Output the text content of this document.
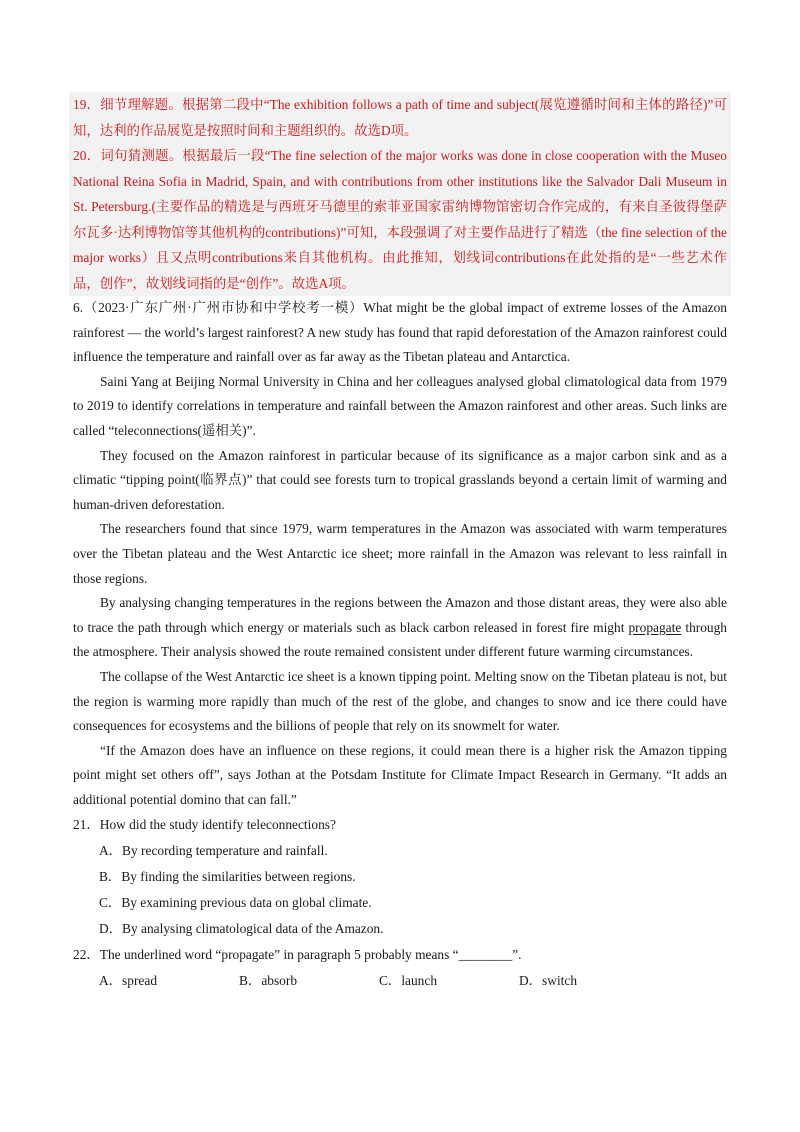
19．细节理解题。根据第二段中“The exhibition follows a path of time and subject(展览遵循时间和主体的路径)”可知，达利的作品展览是按照时间和主题组织的。故选D项。

20．词句猜测题。根据最后一段“The fine selection of the major works was done in close cooperation with the Museo National Reina Sofia in Madrid, Spain, and with contributions from other institutions like the Salvador Dali Museum in St. Petersburg.(主要作品的精选是与西班牙马德里的索菲亚国家雷纳博物馆密切合作完成的，有来自圣彼得堡萨尔瓦多·达利博物馆等其他机构的contributions)”可知，本段强调了对主要作品进行了精选（the fine selection of the major works）且又点明contributions来自其他机构。由此推知，划线词contributions在此处指的是“一些艺术作品，创作”，故划线词指的是“创作”。故选A项。

6.（2023·广东广州·广州市协和中学校考一模）What might be the global impact of extreme losses of the Amazon rainforest — the world’s largest rainforest? A new study has found that rapid deforestation of the Amazon rainforest could influence the temperature and rainfall over as far away as the Tibetan plateau and Antarctica.

Saini Yang at Beijing Normal University in China and her colleagues analysed global climatological data from 1979 to 2019 to identify correlations in temperature and rainfall between the Amazon rainforest and other areas. Such links are called “teleconnections(遥相关)”.

They focused on the Amazon rainforest in particular because of its significance as a major carbon sink and as a climatic “tipping point(临界点)” that could see forests turn to tropical grasslands beyond a certain limit of warming and human-driven deforestation.

The researchers found that since 1979, warm temperatures in the Amazon was associated with warm temperatures over the Tibetan plateau and the West Antarctic ice sheet; more rainfall in the Amazon was relevant to less rainfall in those regions.

By analysing changing temperatures in the regions between the Amazon and those distant areas, they were also able to trace the path through which energy or materials such as black carbon released in forest fire might propagate through the atmosphere. Their analysis showed the route remained consistent under different future warming circumstances.

The collapse of the West Antarctic ice sheet is a known tipping point. Melting snow on the Tibetan plateau is not, but the region is warming more rapidly than much of the rest of the globe, and changes to snow and ice there could have consequences for ecosystems and the billions of people that rely on its snowmelt for water.

“If the Amazon does have an influence on these regions, it could mean there is a higher risk the Amazon tipping point might set others off”, says Jothan at the Potsdam Institute for Climate Impact Research in Germany. “It adds an additional potential domino that can fall.”

21．How did the study identify teleconnections?

A．By recording temperature and rainfall.

B．By finding the similarities between regions.

C．By examining previous data on global climate.

D．By analysing climatological data of the Amazon.

22．The underlined word “propagate” in paragraph 5 probably means “________”.

A．spread	B．absorb	C．launch	D．switch
